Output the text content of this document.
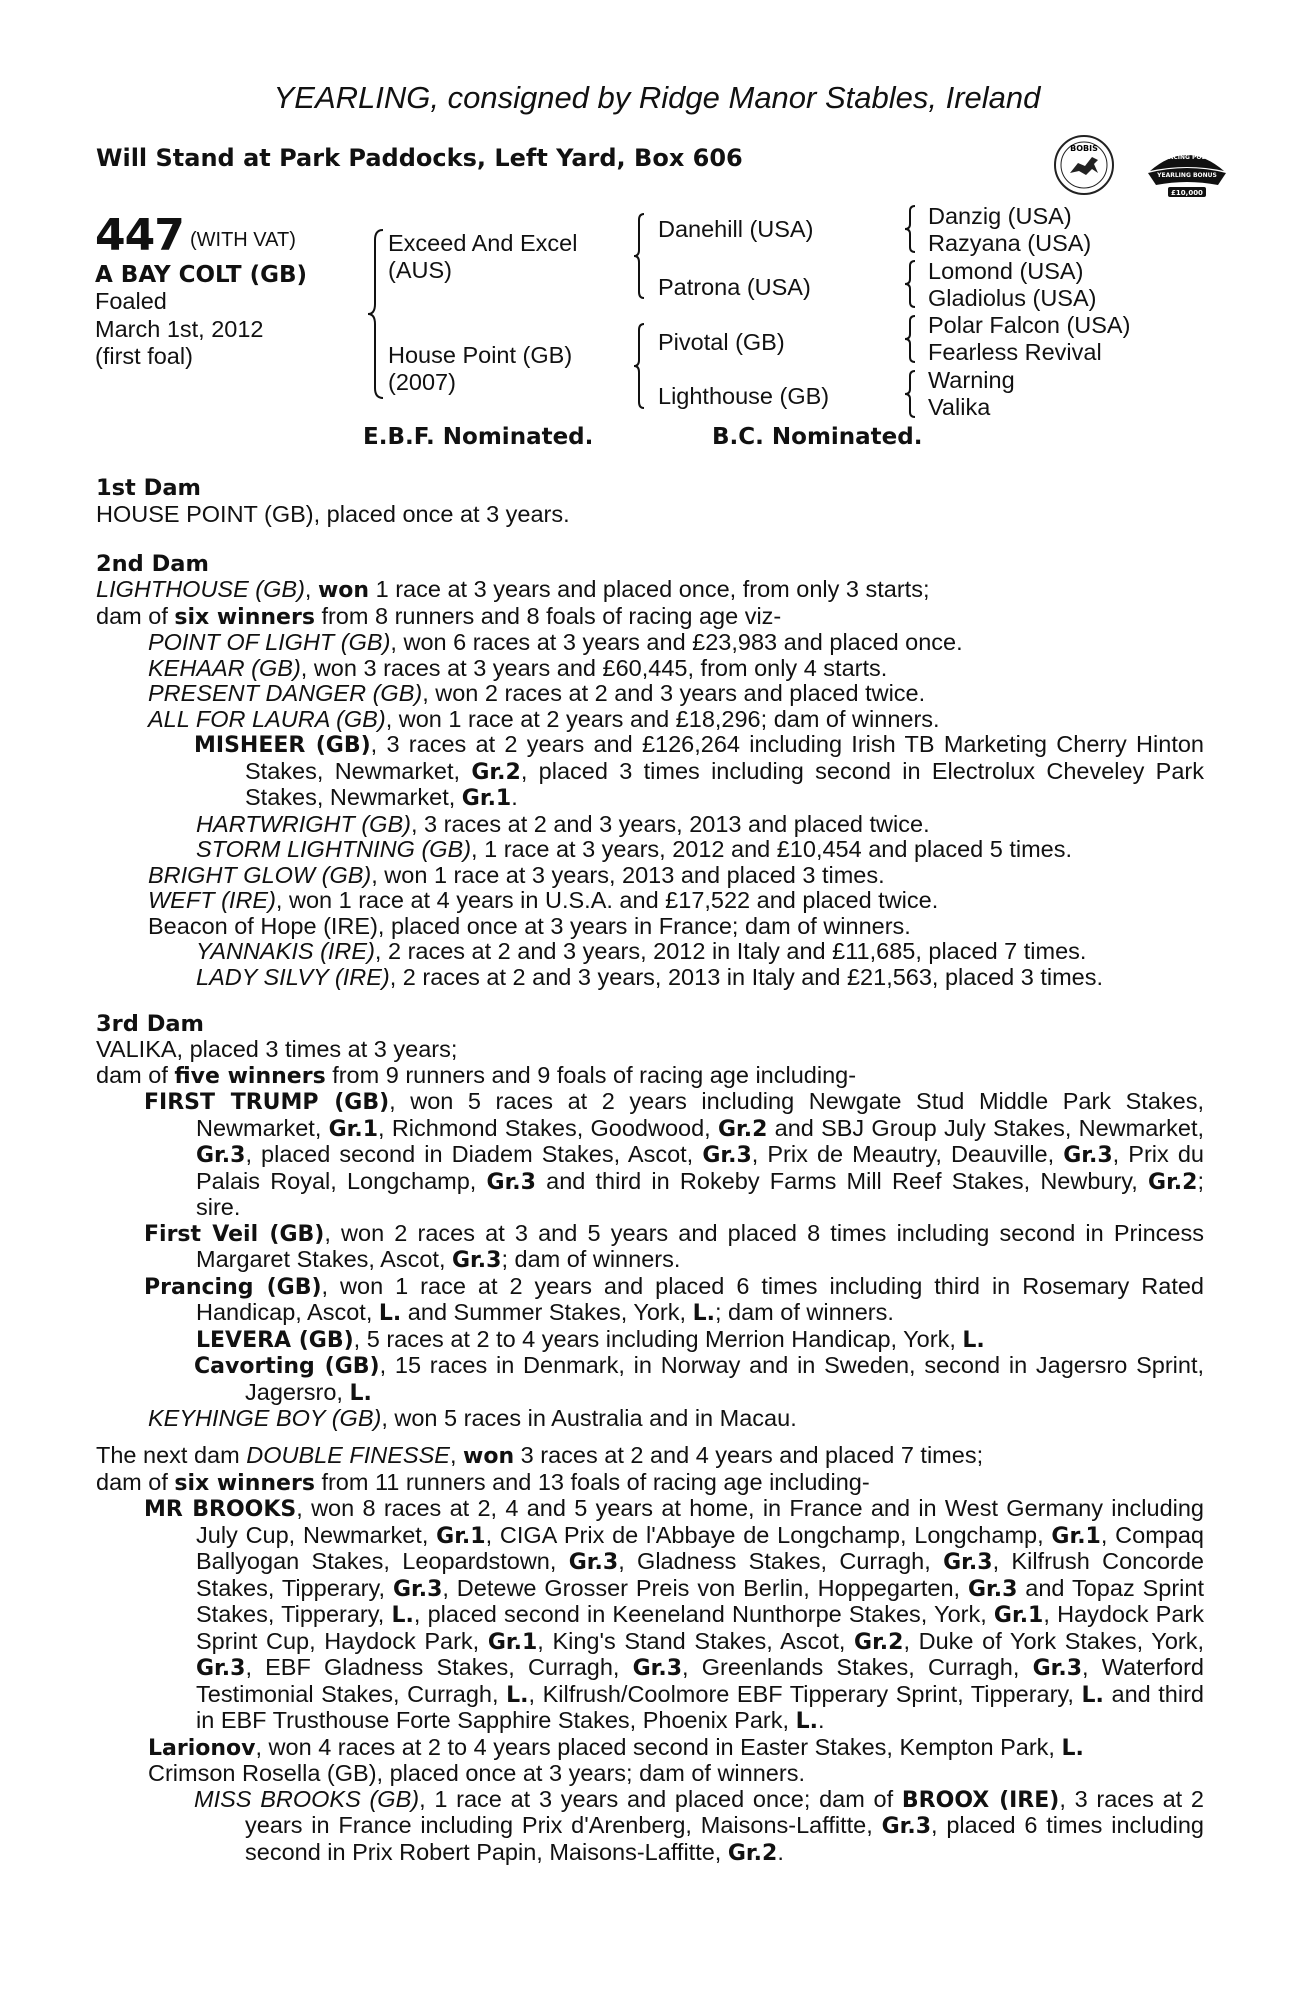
YEARLING, consigned by Ridge Manor Stables, Ireland
Will Stand at Park Paddocks, Left Yard, Box 606	BOBIS
RACING POST
YEARLING BONUS
£10,000
447 (WITH VAT)
A BAY COLT (GB)
Foaled
March 1st, 2012
(first foal)
Exceed And Excel
(AUS)
House Point (GB)
(2007)
Danehill (USA)
Patrona (USA)
Pivotal (GB)
Lighthouse (GB)
Danzig (USA)
Razyana (USA)
Lomond (USA)
Gladiolus (USA)
Polar Falcon (USA)
Fearless Revival
Warning
Valika
E.B.F. Nominated.	B.C. Nominated.
1st Dam
HOUSE POINT (GB), placed once at 3 years.
2nd Dam

LIGHTHOUSE (GB), won 1 race at 3 years and placed once, from only 3 starts;

dam of six winners from 8 runners and 8 foals of racing age viz-

POINT OF LIGHT (GB), won 6 races at 3 years and £23,983 and placed once.

KEHAAR (GB), won 3 races at 3 years and £60,445, from only 4 starts.

PRESENT DANGER (GB), won 2 races at 2 and 3 years and placed twice.

ALL FOR LAURA (GB), won 1 race at 2 years and £18,296; dam of winners.

MISHEER (GB), 3 races at 2 years and £126,264 including Irish TB Marketing Cherry Hinton Stakes, Newmarket, Gr.2, placed 3 times including second in Electrolux Cheveley Park Stakes, Newmarket, Gr.1.

HARTWRIGHT (GB), 3 races at 2 and 3 years, 2013 and placed twice.

STORM LIGHTNING (GB), 1 race at 3 years, 2012 and £10,454 and placed 5 times.

BRIGHT GLOW (GB), won 1 race at 3 years, 2013 and placed 3 times.

WEFT (IRE), won 1 race at 4 years in U.S.A. and £17,522 and placed twice.

Beacon of Hope (IRE), placed once at 3 years in France; dam of winners.

YANNAKIS (IRE), 2 races at 2 and 3 years, 2012 in Italy and £11,685, placed 7 times.

LADY SILVY (IRE), 2 races at 2 and 3 years, 2013 in Italy and £21,563, placed 3 times.

3rd Dam

VALIKA, placed 3 times at 3 years;

dam of five winners from 9 runners and 9 foals of racing age including-

FIRST TRUMP (GB), won 5 races at 2 years including Newgate Stud Middle Park Stakes, Newmarket, Gr.1, Richmond Stakes, Goodwood, Gr.2 and SBJ Group July Stakes, Newmarket, Gr.3, placed second in Diadem Stakes, Ascot, Gr.3, Prix de Meautry, Deauville, Gr.3, Prix du Palais Royal, Longchamp, Gr.3 and third in Rokeby Farms Mill Reef Stakes, Newbury, Gr.2; sire.

First Veil (GB), won 2 races at 3 and 5 years and placed 8 times including second in Princess Margaret Stakes, Ascot, Gr.3; dam of winners.

Prancing (GB), won 1 race at 2 years and placed 6 times including third in Rosemary Rated Handicap, Ascot, L. and Summer Stakes, York, L.; dam of winners.

LEVERA (GB), 5 races at 2 to 4 years including Merrion Handicap, York, L.

Cavorting (GB), 15 races in Denmark, in Norway and in Sweden, second in Jagersro Sprint, Jagersro, L.

KEYHINGE BOY (GB), won 5 races in Australia and in Macau.

The next dam DOUBLE FINESSE, won 3 races at 2 and 4 years and placed 7 times;

dam of six winners from 11 runners and 13 foals of racing age including-

MR BROOKS, won 8 races at 2, 4 and 5 years at home, in France and in West Germany including July Cup, Newmarket, Gr.1, CIGA Prix de l'Abbaye de Longchamp, Longchamp, Gr.1, Compaq Ballyogan Stakes, Leopardstown, Gr.3, Gladness Stakes, Curragh, Gr.3, Kilfrush Concorde Stakes, Tipperary, Gr.3, Detewe Grosser Preis von Berlin, Hoppegarten, Gr.3 and Topaz Sprint Stakes, Tipperary, L., placed second in Keeneland Nunthorpe Stakes, York, Gr.1, Haydock Park Sprint Cup, Haydock Park, Gr.1, King's Stand Stakes, Ascot, Gr.2, Duke of York Stakes, York, Gr.3, EBF Gladness Stakes, Curragh, Gr.3, Greenlands Stakes, Curragh, Gr.3, Waterford Testimonial Stakes, Curragh, L., Kilfrush/Coolmore EBF Tipperary Sprint, Tipperary, L. and third in EBF Trusthouse Forte Sapphire Stakes, Phoenix Park, L..

Larionov, won 4 races at 2 to 4 years placed second in Easter Stakes, Kempton Park, L.

Crimson Rosella (GB), placed once at 3 years; dam of winners.

MISS BROOKS (GB), 1 race at 3 years and placed once; dam of BROOX (IRE), 3 races at 2 years in France including Prix d'Arenberg, Maisons-Laffitte, Gr.3, placed 6 times including second in Prix Robert Papin, Maisons-Laffitte, Gr.2.
